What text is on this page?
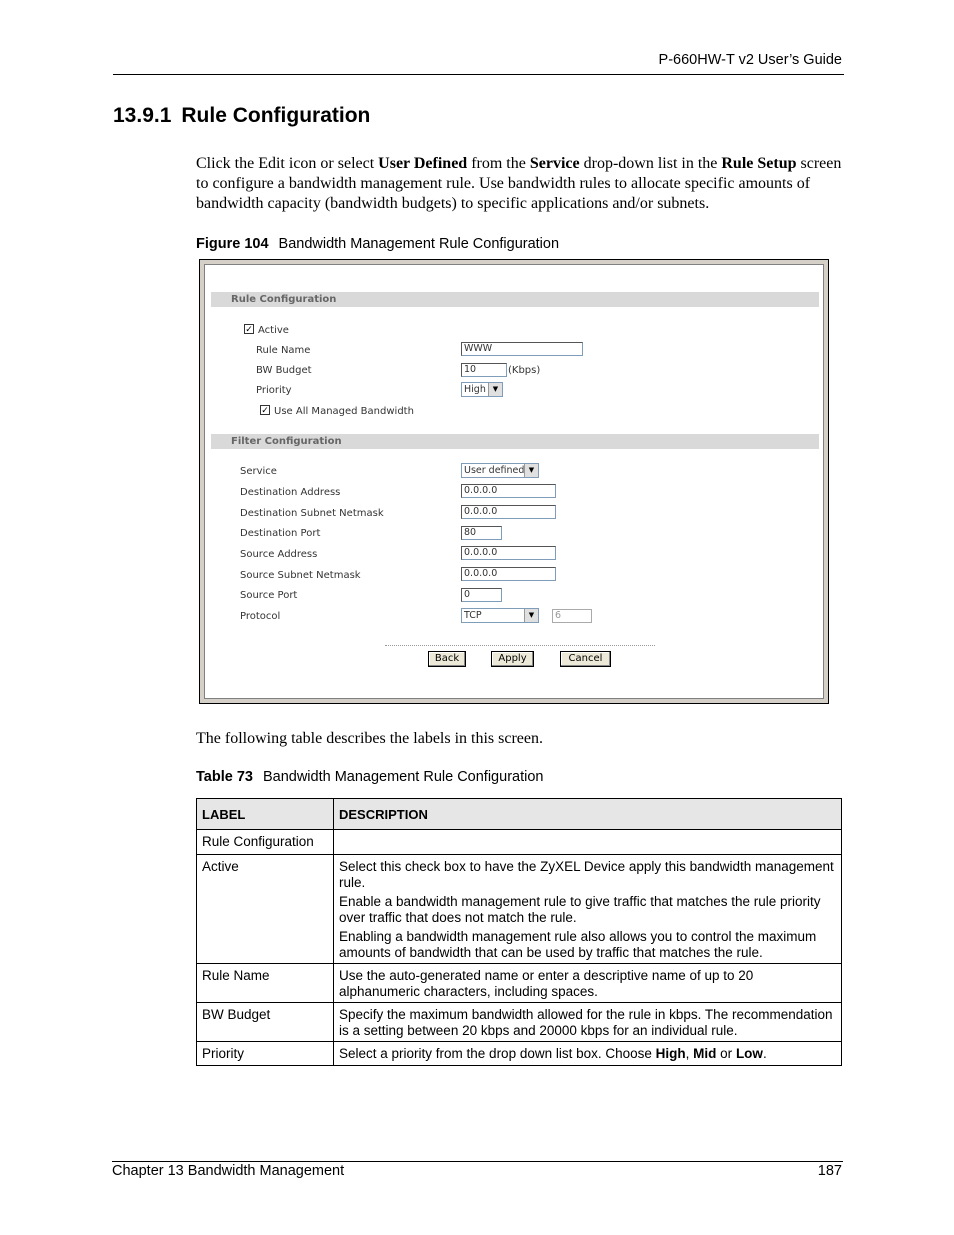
P-660HW-T v2 User’s Guide
13.9.1 Rule Configuration
Click the Edit icon or select User Defined from the Service drop-down list in the Rule Setup screen to configure a bandwidth management rule. Use bandwidth rules to allocate specific amounts of bandwidth capacity (bandwidth budgets) to specific applications and/or subnets.
Figure 104 Bandwidth Management Rule Configuration
Rule Configuration
✓ Active
Rule Name	WWW
BW Budget	10	(Kbps)
Priority	High ▼
✓ Use All Managed Bandwidth
Filter Configuration
Service	User defined ▼
Destination Address	0.0.0.0
Destination Subnet Netmask	0.0.0.0
Destination Port	80
Source Address	0.0.0.0
Source Subnet Netmask	0.0.0.0
Source Port	0
Protocol	TCP	▼	6
Back	Apply	Cancel
The following table describes the labels in this screen.
Table 73 Bandwidth Management Rule Configuration
LABEL	DESCRIPTION
Rule Configuration	
Active	Select this check box to have the ZyXEL Device apply this bandwidth management rule.

Enable a bandwidth management rule to give traffic that matches the rule priority over traffic that does not match the rule.

Enabling a bandwidth management rule also allows you to control the maximum amounts of bandwidth that can be used by traffic that matches the rule.

Rule Name	Use the auto-generated name or enter a descriptive name of up to 20 alphanumeric characters, including spaces.
BW Budget	Specify the maximum bandwidth allowed for the rule in kbps. The recommendation is a setting between 20 kbps and 20000 kbps for an individual rule.
Priority	Select a priority from the drop down list box. Choose High, Mid or Low.
Chapter 13 Bandwidth Management	187
